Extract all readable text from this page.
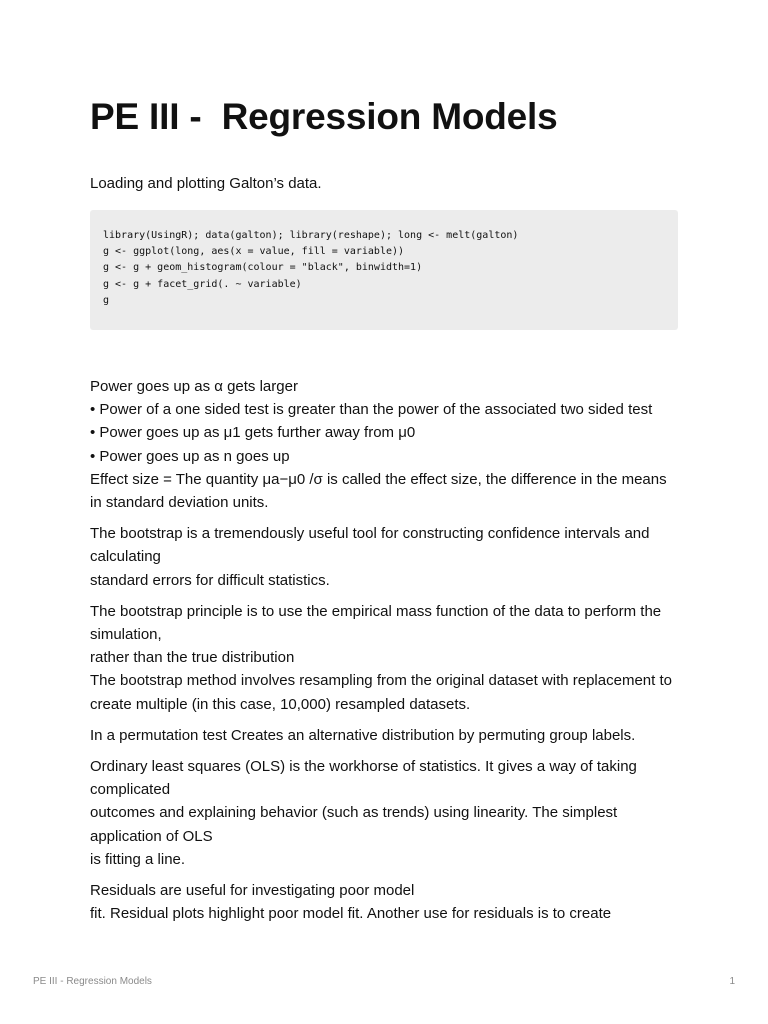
PE III -  Regression Models

Loading and plotting Galton’s data.

library(UsingR); data(galton); library(reshape); long <- melt(galton)
g <- ggplot(long, aes(x = value, fill = variable))
g <- g + geom_histogram(colour = "black", binwidth=1)
g <- g + facet_grid(. ~ variable)
g

Power goes up as α gets larger
• Power of a one sided test is greater than the power of the associated two sided test
• Power goes up as μ1 gets further away from μ0
• Power goes up as n goes up
Effect size = The quantity μa−μ0 /σ is called the effect size, the difference in the means
in standard deviation units.

The bootstrap is a tremendously useful tool for constructing confidence intervals and
calculating
standard errors for difficult statistics.

The bootstrap principle is to use the empirical mass function of the data to perform the
simulation,
rather than the true distribution
The bootstrap method involves resampling from the original dataset with replacement to
create multiple (in this case, 10,000) resampled datasets.

In a permutation test Creates an alternative distribution by permuting group labels.

Ordinary least squares (OLS) is the workhorse of statistics. It gives a way of taking
complicated
outcomes and explaining behavior (such as trends) using linearity. The simplest
application of OLS
is fitting a line.

Residuals are useful for investigating poor model
fit. Residual plots highlight poor model fit. Another use for residuals is to create

PE III - Regression Models	1
